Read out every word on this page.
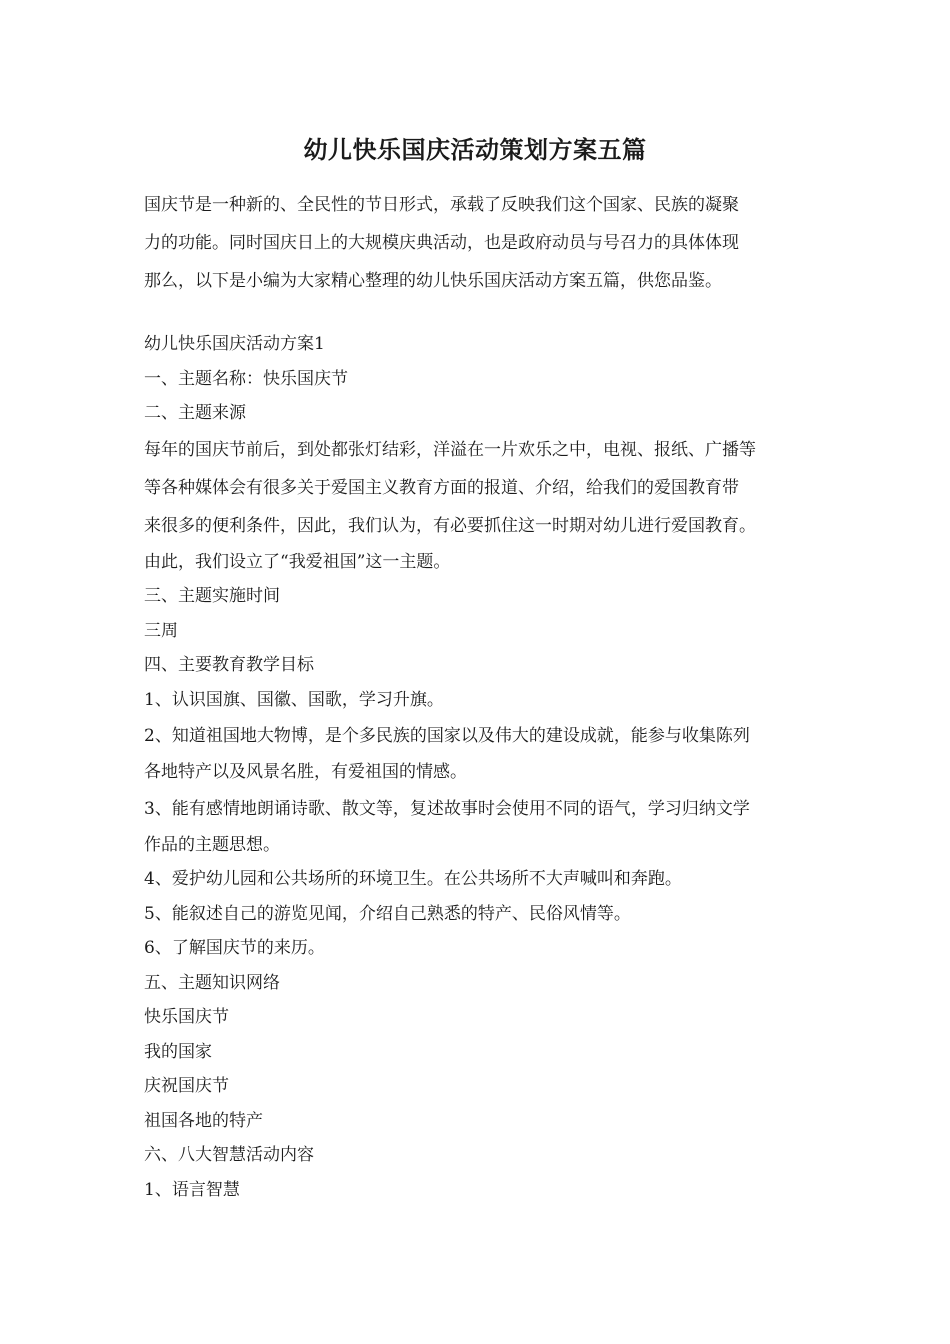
幼儿快乐国庆活动策划方案五篇

国庆节是一种新的、全民性的节日形式，承载了反映我们这个国家、民族的凝聚

力的功能。同时国庆日上的大规模庆典活动，也是政府动员与号召力的具体体现

那么，以下是小编为大家精心整理的幼儿快乐国庆活动方案五篇，供您品鉴。

幼儿快乐国庆活动方案1
一、主题名称：快乐国庆节
二、主题来源
每年的国庆节前后，到处都张灯结彩，洋溢在一片欢乐之中，电视、报纸、广播等
等各种媒体会有很多关于爱国主义教育方面的报道、介绍，给我们的爱国教育带
来很多的便利条件，因此，我们认为，有必要抓住这一时期对幼儿进行爱国教育。
由此，我们设立了“我爱祖国”这一主题。
三、主题实施时间
三周
四、主要教育教学目标
1、认识国旗、国徽、国歌，学习升旗。
2、知道祖国地大物博，是个多民族的国家以及伟大的建设成就，能参与收集陈列
各地特产以及风景名胜，有爱祖国的情感。
3、能有感情地朗诵诗歌、散文等，复述故事时会使用不同的语气，学习归纳文学
作品的主题思想。
4、爱护幼儿园和公共场所的环境卫生。在公共场所不大声喊叫和奔跑。
5、能叙述自己的游览见闻，介绍自己熟悉的特产、民俗风情等。
6、了解国庆节的来历。
五、主题知识网络
快乐国庆节
我的国家
庆祝国庆节
祖国各地的特产
六、八大智慧活动内容
1、语言智慧
